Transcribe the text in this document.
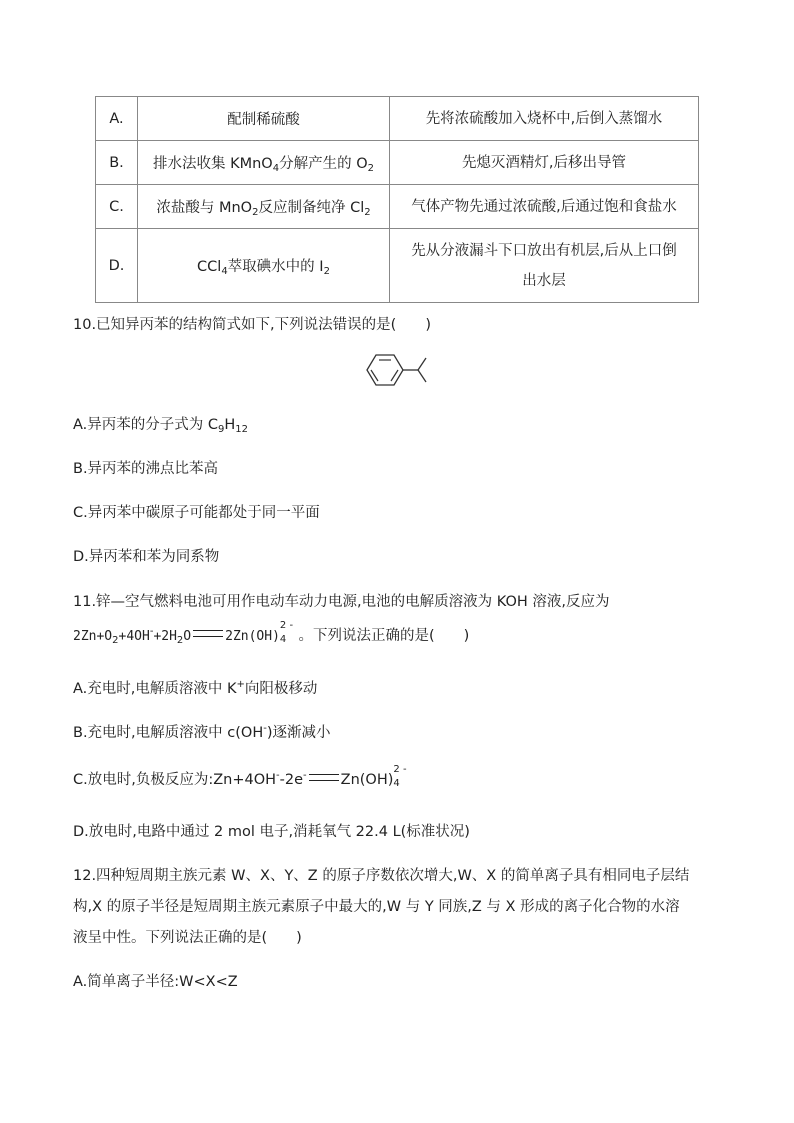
A.	配制稀硫酸	先将浓硫酸加入烧杯中,后倒入蒸馏水
B.	排水法收集 KMnO$_4$分解产生的 $O_2$	先熄灭酒精灯,后移出导管
C.	浓盐酸与 MnO$_2$反应制备纯净 $Cl_2$	气体产物先通过浓硫酸,后通过饱和食盐水
D.	CCl$_4$萃取碘水中的 $I_2$	先从分液漏斗下口放出有机层,后从上口倒
出水层
10.已知异丙苯的结构简式如下,下列说法错误的是(　　)
A.异丙苯的分子式为 $C_9H_{12}$
B.异丙苯的沸点比苯高
C.异丙苯中碳原子可能都处于同一平面
D.异丙苯和苯为同系物
11.锌—空气燃料电池可用作电动车动力电源,电池的电解质溶液为 KOH 溶液,反应为
$2Zn+O_2+4OH^-+2H_2O$	2Zn(OH)
2 -
4 。下列说法正确的是(　　)
A.充电时,电解质溶液中 K+向阳极移动
B.充电时,电解质溶液中 c(OH-)逐渐减小
C.放电时,负极反应为:Zn+4OH--2e- Zn(OH)
2 -
4
D.放电时,电路中通过 2 mol 电子,消耗氧气 22.4 L(标准状况)
12.四种短周期主族元素 W、X、Y、Z 的原子序数依次增大,W、X 的简单离子具有相同电子层结
构,X 的原子半径是短周期主族元素原子中最大的,W 与 Y 同族,Z 与 X 形成的离子化合物的水溶
液呈中性。下列说法正确的是(　　)
A.简单离子半径:W<X<Z
